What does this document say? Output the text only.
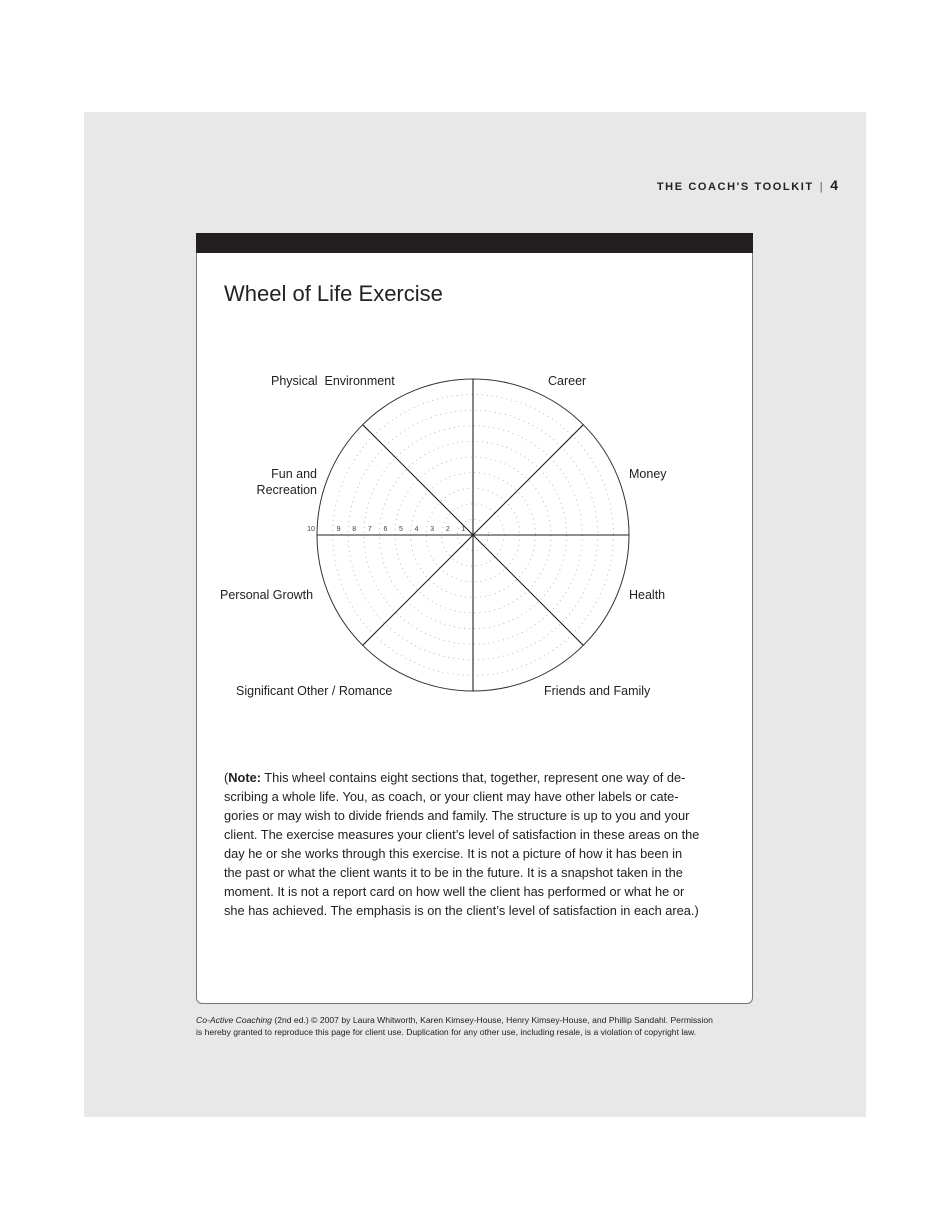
THE COACH'S TOOLKIT | 4
Wheel of Life Exercise
10	9 8 7 6 5 4 3 2 1
Physical  Environment	Career
Fun and
Recreation
Money
Personal Growth	Health
Significant Other / Romance	Friends and Family
(Note: This wheel contains eight sections that, together, represent one way of de-
scribing a whole life. You, as coach, or your client may have other labels or cate-
gories or may wish to divide friends and family. The structure is up to you and your
client. The exercise measures your client’s level of satisfaction in these areas on the
day he or she works through this exercise. It is not a picture of how it has been in
the past or what the client wants it to be in the future. It is a snapshot taken in the
moment. It is not a report card on how well the client has performed or what he or
she has achieved. The emphasis is on the client’s level of satisfaction in each area.)
Co-Active Coaching (2nd ed.) © 2007 by Laura Whitworth, Karen Kimsey-House, Henry Kimsey-House, and Phillip Sandahl. Permission
is hereby granted to reproduce this page for client use. Duplication for any other use, including resale, is a violation of copyright law.
